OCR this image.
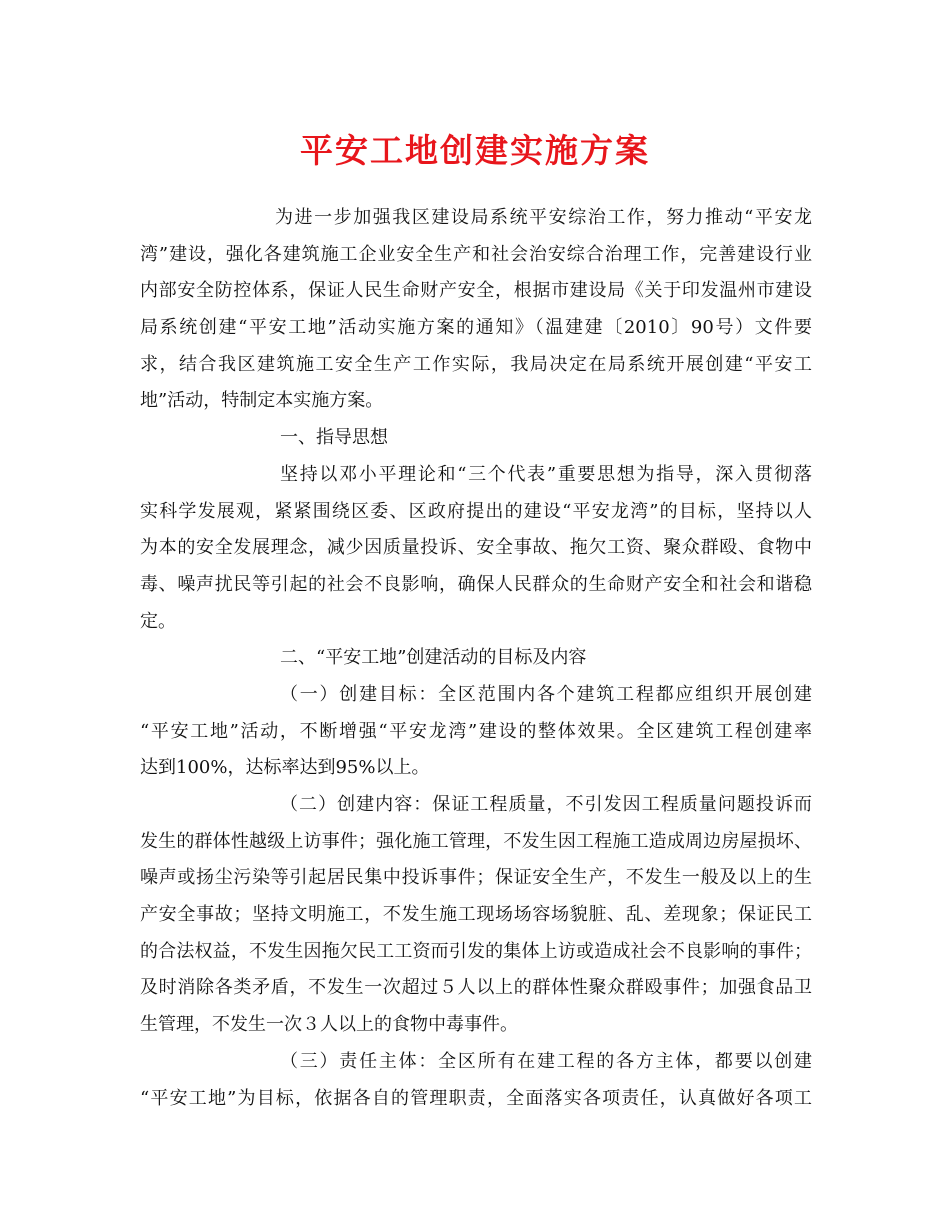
平安工地创建实施方案
为进一步加强我区建设局系统平安综治工作，努力推动“平安龙
湾”建设，强化各建筑施工企业安全生产和社会治安综合治理工作，完善建设行业
内部安全防控体系，保证人民生命财产安全，根据市建设局《关于印发温州市建设
局系统创建“平安工地”活动实施方案的通知》（温建建〔2010〕90号）文件要
求，结合我区建筑施工安全生产工作实际，我局决定在局系统开展创建“平安工
地”活动，特制定本实施方案。
一、指导思想
坚持以邓小平理论和“三个代表”重要思想为指导，深入贯彻落
实科学发展观，紧紧围绕区委、区政府提出的建设“平安龙湾”的目标，坚持以人
为本的安全发展理念，减少因质量投诉、安全事故、拖欠工资、聚众群殴、食物中
毒、噪声扰民等引起的社会不良影响，确保人民群众的生命财产安全和社会和谐稳
定。
二、“平安工地”创建活动的目标及内容
（一）创建目标：全区范围内各个建筑工程都应组织开展创建
“平安工地”活动，不断增强“平安龙湾”建设的整体效果。全区建筑工程创建率
达到100%，达标率达到95%以上。
（二）创建内容：保证工程质量，不引发因工程质量问题投诉而
发生的群体性越级上访事件；强化施工管理，不发生因工程施工造成周边房屋损坏、
噪声或扬尘污染等引起居民集中投诉事件；保证安全生产，不发生一般及以上的生
产安全事故；坚持文明施工，不发生施工现场场容场貌脏、乱、差现象；保证民工
的合法权益，不发生因拖欠民工工资而引发的集体上访或造成社会不良影响的事件；
及时消除各类矛盾，不发生一次超过５人以上的群体性聚众群殴事件；加强食品卫
生管理，不发生一次３人以上的食物中毒事件。
（三）责任主体：全区所有在建工程的各方主体，都要以创建
“平安工地”为目标，依据各自的管理职责，全面落实各项责任，认真做好各项工
